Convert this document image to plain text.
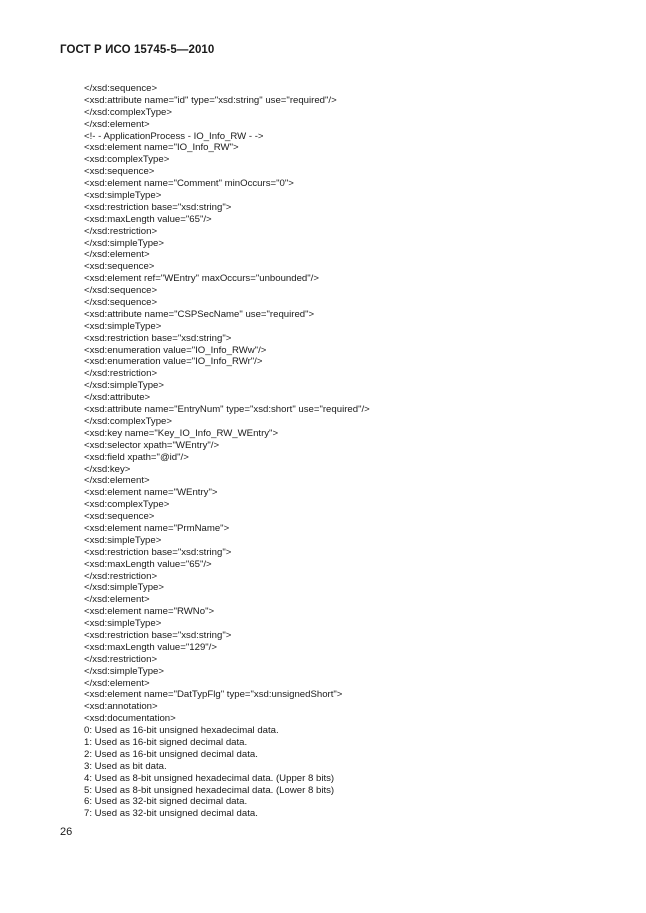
ГОСТ Р ИСО 15745-5—2010
</xsd:sequence>
<xsd:attribute name="id" type="xsd:string" use="required"/>
</xsd:complexType>
</xsd:element>
<!- - ApplicationProcess - IO_Info_RW - ->
<xsd:element name="IO_Info_RW">
<xsd:complexType>
<xsd:sequence>
<xsd:element name="Comment" minOccurs="0">
<xsd:simpleType>
<xsd:restriction base="xsd:string">
<xsd:maxLength value="65"/>
</xsd:restriction>
</xsd:simpleType>
</xsd:element>
<xsd:sequence>
<xsd:element ref="WEntry" maxOccurs="unbounded"/>
</xsd:sequence>
</xsd:sequence>
<xsd:attribute name="CSPSecName" use="required">
<xsd:simpleType>
<xsd:restriction base="xsd:string">
<xsd:enumeration value="IO_Info_RWw"/>
<xsd:enumeration value="IO_Info_RWr"/>
</xsd:restriction>
</xsd:simpleType>
</xsd:attribute>
<xsd:attribute name="EntryNum" type="xsd:short" use="required"/>
</xsd:complexType>
<xsd:key name="Key_IO_Info_RW_WEntry">
<xsd:selector xpath="WEntry"/>
<xsd:field xpath="@id"/>
</xsd:key>
</xsd:element>
<xsd:element name="WEntry">
<xsd:complexType>
<xsd:sequence>
<xsd:element name="PrmName">
<xsd:simpleType>
<xsd:restriction base="xsd:string">
<xsd:maxLength value="65"/>
</xsd:restriction>
</xsd:simpleType>
</xsd:element>
<xsd:element name="RWNo">
<xsd:simpleType>
<xsd:restriction base="xsd:string">
<xsd:maxLength value="129"/>
</xsd:restriction>
</xsd:simpleType>
</xsd:element>
<xsd:element name="DatTypFlg" type="xsd:unsignedShort">
<xsd:annotation>
<xsd:documentation>
0: Used as 16-bit unsigned hexadecimal data.
1: Used as 16-bit signed decimal data.
2: Used as 16-bit unsigned decimal data.
3: Used as bit data.
4: Used as 8-bit unsigned hexadecimal data. (Upper 8 bits)
5: Used as 8-bit unsigned hexadecimal data. (Lower 8 bits)
6: Used as 32-bit signed decimal data.
7: Used as 32-bit unsigned decimal data.
26
